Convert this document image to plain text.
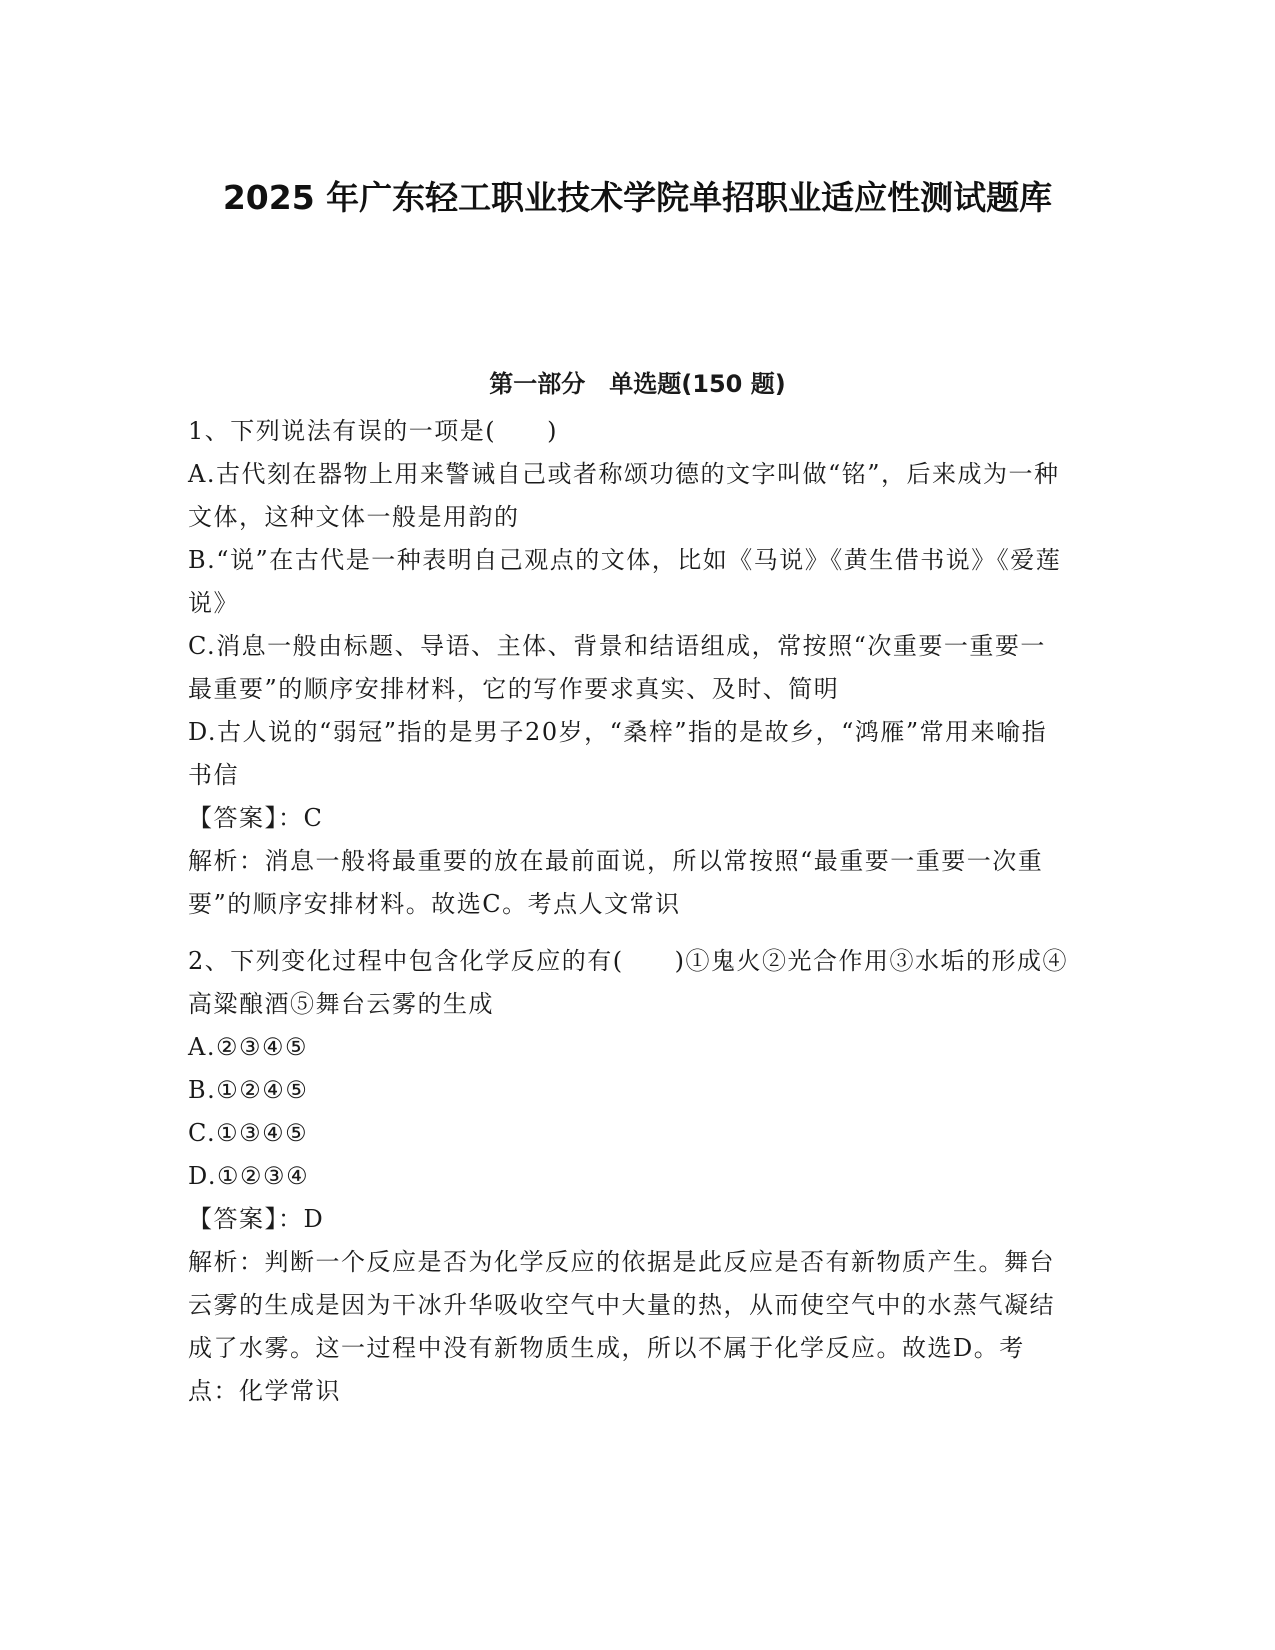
2025 年广东轻工职业技术学院单招职业适应性测试题库
第一部分　单选题(150 题)

1、下列说法有误的一项是(　　)

A.古代刻在器物上用来警诫自己或者称颂功德的文字叫做“铭”，后来成为一种文体，这种文体一般是用韵的

B.“说”在古代是一种表明自己观点的文体，比如《马说》《黄生借书说》《爱莲说》

C.消息一般由标题、导语、主体、背景和结语组成，常按照“次重要一重要一最重要”的顺序安排材料，它的写作要求真实、及时、简明

D.古人说的“弱冠”指的是男子20岁，“桑梓”指的是故乡，“鸿雁”常用来喻指书信

【答案】：C

解析：消息一般将最重要的放在最前面说，所以常按照“最重要一重要一次重要”的顺序安排材料。故选C。考点人文常识

2、下列变化过程中包含化学反应的有(　　)①鬼火②光合作用③水垢的形成④高粱酿酒⑤舞台云雾的生成

A.②③④⑤

B.①②④⑤

C.①③④⑤

D.①②③④

【答案】：D

解析：判断一个反应是否为化学反应的依据是此反应是否有新物质产生。舞台云雾的生成是因为干冰升华吸收空气中大量的热，从而使空气中的水蒸气凝结成了水雾。这一过程中没有新物质生成，所以不属于化学反应。故选D。考点：化学常识
